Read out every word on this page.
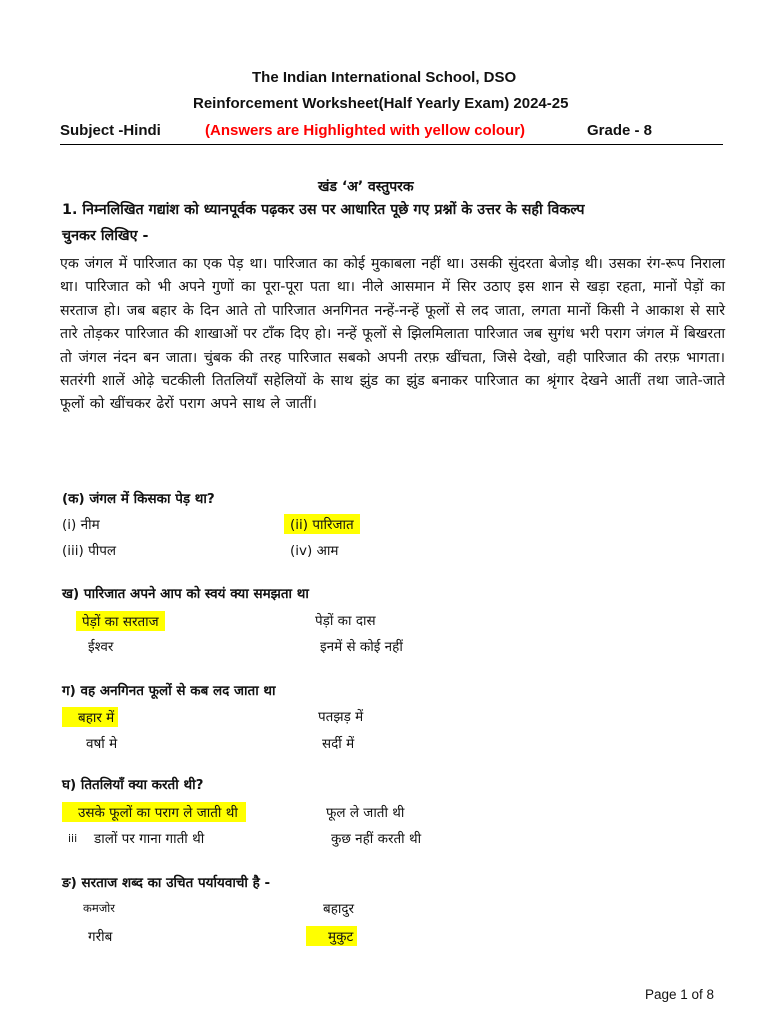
The Indian International School, DSO
Reinforcement Worksheet(Half Yearly Exam) 2024-25
Subject -Hindi	(Answers are Highlighted with yellow colour)	Grade - 8
खंड ‘अ’ वस्तुपरक
1. निम्नलिखित गद्यांश को ध्यानपूर्वक पढ़कर उस पर आधारित पूछे गए प्रश्नों के उत्तर के सही विकल्प
चुनकर लिखिए -
एक जंगल में पारिजात का एक पेड़ था। पारिजात का कोई मुकाबला नहीं था। उसकी सुंदरता बेजोड़ थी। उसका रंग-रूप निराला था। पारिजात को भी अपने गुणों का पूरा-पूरा पता था। नीले आसमान में सिर उठाए इस शान से खड़ा रहता, मानों पेड़ों का सरताज हो। जब बहार के दिन आते तो पारिजात अनगिनत नन्हें-नन्हें फूलों से लद जाता, लगता मानों किसी ने आकाश से सारे तारे तोड़कर पारिजात की शाखाओं पर टाँक दिए हो। नन्हें फूलों से झिलमिलाता पारिजात जब सुगंध भरी पराग जंगल में बिखरता तो जंगल नंदन बन जाता। चुंबक की तरह पारिजात सबको अपनी तरफ़ खींचता, जिसे देखो, वही पारिजात की तरफ़ भागता। सतरंगी शालें ओढ़े चटकीली तितलियाँ सहेलियों के साथ झुंड का झुंड बनाकर पारिजात का श्रृंगार देखने आतीं तथा जाते-जाते फूलों को खींचकर ढेरों पराग अपने साथ ले जातीं।
(क) जंगल में किसका पेड़ था?
(i) नीम	(ii) पारिजात
(iii) पीपल	(iv) आम
ख) पारिजात अपने आप को स्वयं क्या समझता था
पेड़ों का सरताज	पेड़ों का दास
ईश्वर	इनमें से कोई नहीं
ग) वह अनगिनत फूलों से कब लद जाता था
बहार में	पतझड़ में
वर्षा मे	सर्दी में
घ) तितलियाँ क्या करती थी?
उसके फूलों का पराग ले जाती थी	फूल ले जाती थी
iii डालों पर गाना गाती थी	कुछ नहीं करती थी
ङ) सरताज शब्द का उचित पर्यायवाची है -
कमजोर	बहादुर
गरीब	मुकुट
Page 1 of 8
